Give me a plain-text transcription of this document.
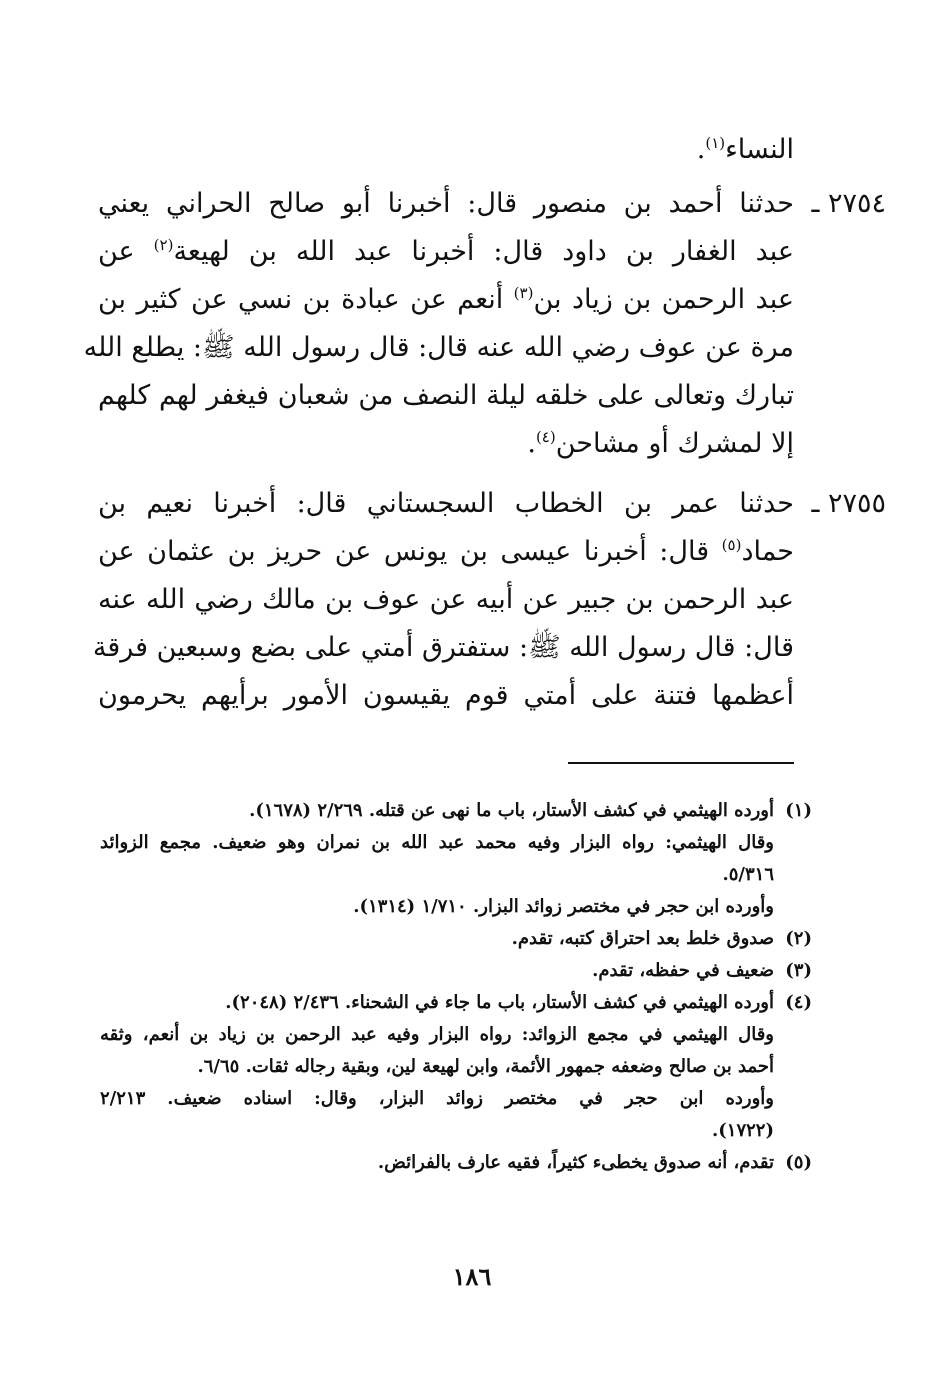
النساء$^{(١)}$.
٢٧٥٤ ـ
حدثنا أحمد بن منصور قال: أخبرنا أبو صالح الحراني يعني
عبد الغفار بن داود قال: أخبرنا عبد الله بن لهيعة$^{(٢)}$ عن
عبد الرحمن بن زياد بن$^{(٣)}$ أنعم عن عبادة بن نسي عن كثير بن
مرة عن عوف رضي الله عنه قال: قال رسول الله ﷺ: يطلع الله
تبارك وتعالى على خلقه ليلة النصف من شعبان فيغفر لهم كلهم
إلا لمشرك أو مشاحن$^{(٤)}$.
٢٧٥٥ ـ
حدثنا عمر بن الخطاب السجستاني قال: أخبرنا نعيم بن
حماد$^{(٥)}$ قال: أخبرنا عيسى بن يونس عن حريز بن عثمان عن
عبد الرحمن بن جبير عن أبيه عن عوف بن مالك رضي الله عنه
قال: قال رسول الله ﷺ: ستفترق أمتي على بضع وسبعين فرقة
أعظمها فتنة على أمتي قوم يقيسون الأمور برأيهم يحرمون
(١)
أورده الهيثمي في كشف الأستار، باب ما نهى عن قتله. ٢/٢٦٩ (١٦٧٨).
وقال الهيثمي: رواه البزار وفيه محمد عبد الله بن نمران وهو ضعيف. مجمع الزوائد
٥/٣١٦.
وأورده ابن حجر في مختصر زوائد البزار. ١/٧١٠ (١٣١٤).
(٢)
صدوق خلط بعد احتراق كتبه، تقدم.
(٣)
ضعيف في حفظه، تقدم.
(٤)
أورده الهيثمي في كشف الأستار، باب ما جاء في الشحناء. ٢/٤٣٦ (٢٠٤٨).
وقال الهيثمي في مجمع الزوائد: رواه البزار وفيه عبد الرحمن بن زياد بن أنعم، وثقه
أحمد بن صالح وضعفه جمهور الأئمة، وابن لهيعة لين، وبقية رجاله ثقات. ٦/٦٥.
وأورده ابن حجر في مختصر زوائد البزار، وقال: اسناده ضعيف. ٢/٢١٣
(١٧٢٢).
(٥)
تقدم، أنه صدوق يخطىء كثيراً، فقيه عارف بالفرائض.
١٨٦
